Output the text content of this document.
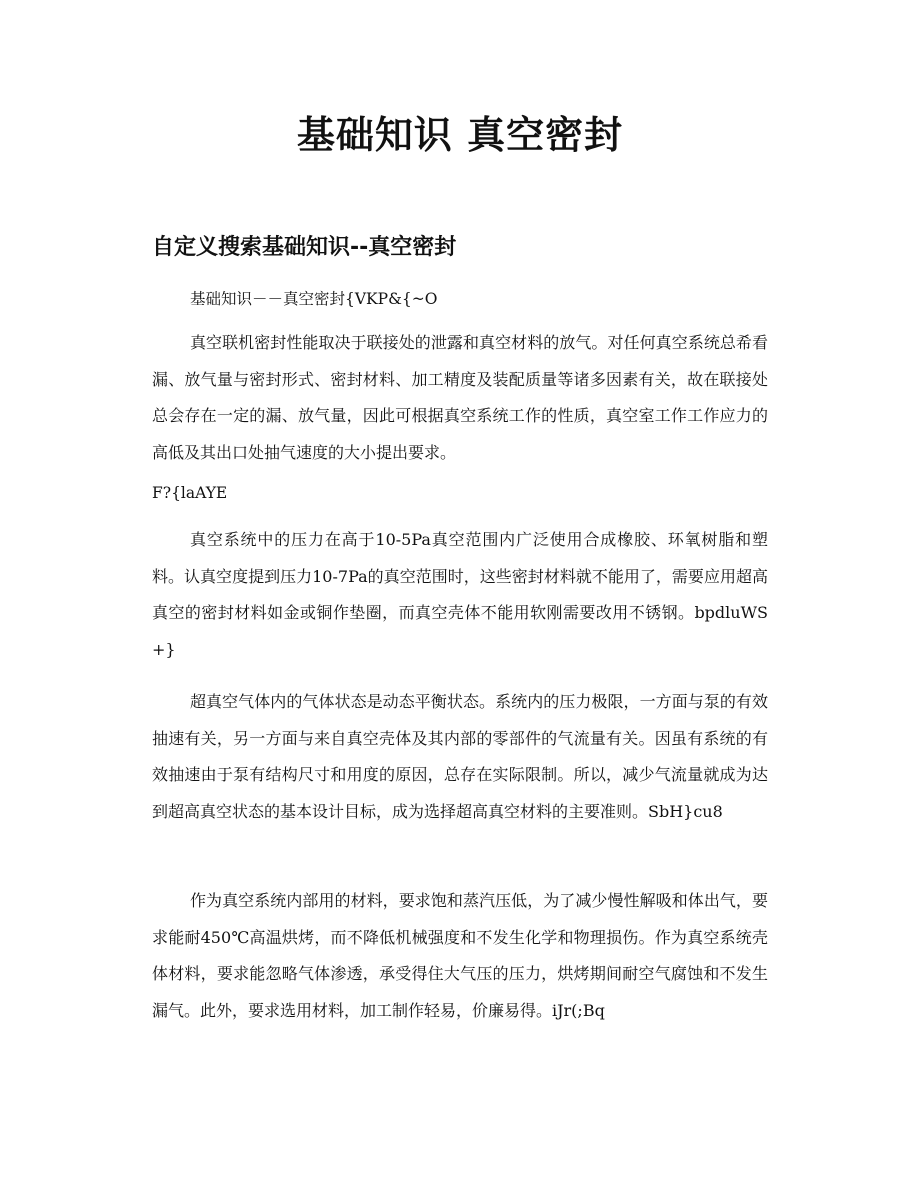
基础知识 真空密封
自定义搜索基础知识--真空密封

基础知识－－真空密封{VKP&{~O

真空联机密封性能取决于联接处的泄露和真空材料的放气。对任何真空系统总希看漏、放气量与密封形式、密封材料、加工精度及装配质量等诸多因素有关，故在联接处总会存在一定的漏、放气量，因此可根据真空系统工作的性质，真空室工作工作应力的高低及其出口处抽气速度的大小提出要求。

F?{laAYE

真空系统中的压力在高于10-5Pa真空范围内广泛使用合成橡胶、环氧树脂和塑料。认真空度提到压力10-7Pa的真空范围时，这些密封材料就不能用了，需要应用超高真空的密封材料如金或铜作垫圈，而真空壳体不能用软刚需要改用不锈钢。bpdluWS+}

超真空气体内的气体状态是动态平衡状态。系统内的压力极限，一方面与泵的有效抽速有关，另一方面与来自真空壳体及其内部的零部件的气流量有关。因虽有系统的有效抽速由于泵有结构尺寸和用度的原因，总存在实际限制。所以，减少气流量就成为达到超高真空状态的基本设计目标，成为选择超高真空材料的主要准则。SbH}cu8

作为真空系统内部用的材料，要求饱和蒸汽压低，为了减少慢性解吸和体出气，要求能耐450℃高温烘烤，而不降低机械强度和不发生化学和物理损伤。作为真空系统壳体材料，要求能忽略气体渗透，承受得住大气压的压力，烘烤期间耐空气腐蚀和不发生漏气。此外，要求选用材料，加工制作轻易，价廉易得。iJr(;Bq
